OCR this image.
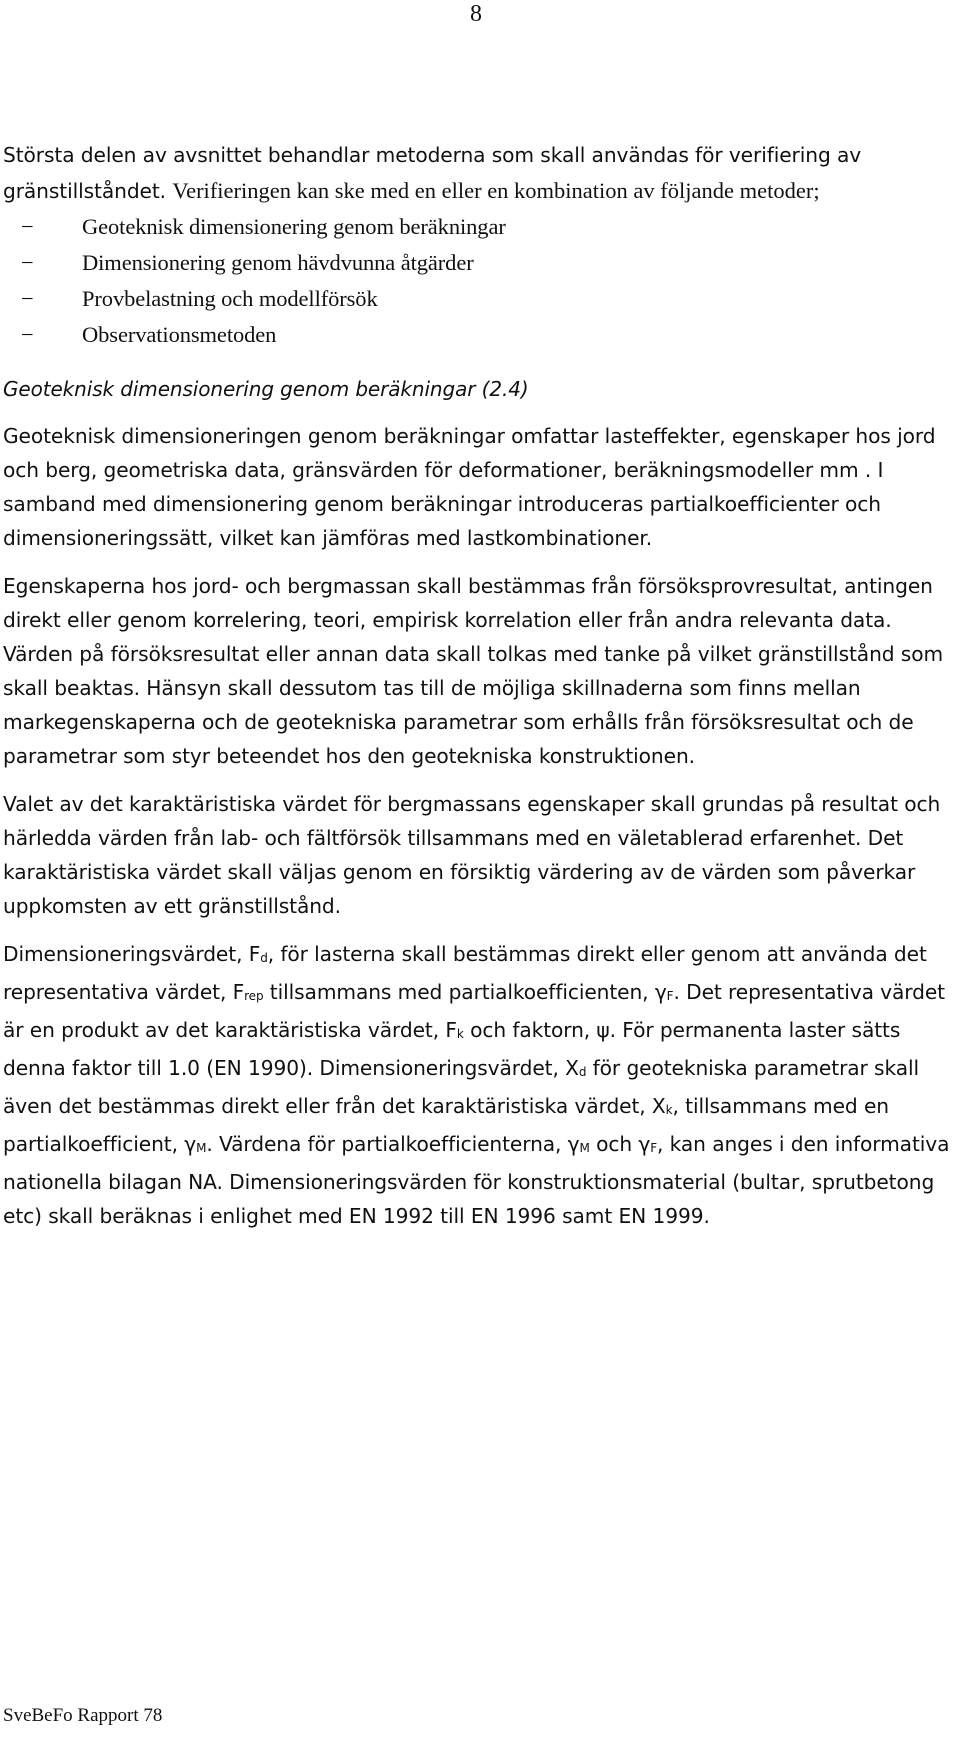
8

Största delen av avsnittet behandlar metoderna som skall användas för verifiering av gränstillståndet. Verifieringen kan ske med en eller en kombination av följande metoder;

− Geoteknisk dimensionering genom beräkningar
− Dimensionering genom hävdvunna åtgärder
− Provbelastning och modellförsök
− Observationsmetoden
Geoteknisk dimensionering genom beräkningar (2.4)

Geoteknisk dimensioneringen genom beräkningar omfattar lasteffekter, egenskaper hos jord och berg, geometriska data, gränsvärden för deformationer, beräkningsmodeller mm . I samband med dimensionering genom beräkningar introduceras partialkoefficienter och dimensioneringssätt, vilket kan jämföras med lastkombinationer.

Egenskaperna hos jord- och bergmassan skall bestämmas från försöksprovresultat, antingen direkt eller genom korrelering, teori, empirisk korrelation eller från andra relevanta data. Värden på försöksresultat eller annan data skall tolkas med tanke på vilket gränstillstånd som skall beaktas. Hänsyn skall dessutom tas till de möjliga skillnaderna som finns mellan markegenskaperna och de geotekniska parametrar som erhålls från försöksresultat och de parametrar som styr beteendet hos den geotekniska konstruktionen.

Valet av det karaktäristiska värdet för bergmassans egenskaper skall grundas på resultat och härledda värden från lab- och fältförsök tillsammans med en väletablerad erfarenhet. Det karaktäristiska värdet skall väljas genom en försiktig värdering av de värden som påverkar uppkomsten av ett gränstillstånd.

Dimensioneringsvärdet, $F_d$, för lasterna skall bestämmas direkt eller genom att använda det representativa värdet, $F_{rep}$ tillsammans med partialkoefficienten, $\gamma_F$. Det representativa värdet är en produkt av det karaktäristiska värdet, $F_k$ och faktorn, ψ. För permanenta laster sätts denna faktor till 1.0 (EN 1990). Dimensioneringsvärdet, $X_d$ för geotekniska parametrar skall även det bestämmas direkt eller från det karaktäristiska värdet, $X_k$, tillsammans med en partialkoefficient, $\gamma_M$. Värdena för partialkoefficienterna, $\gamma_M$ och $\gamma_F$, kan anges i den informativa nationella bilagan NA. Dimensioneringsvärden för konstruktionsmaterial (bultar, sprutbetong etc) skall beräknas i enlighet med EN 1992 till EN 1996 samt EN 1999.

SveBeFo Rapport 78
